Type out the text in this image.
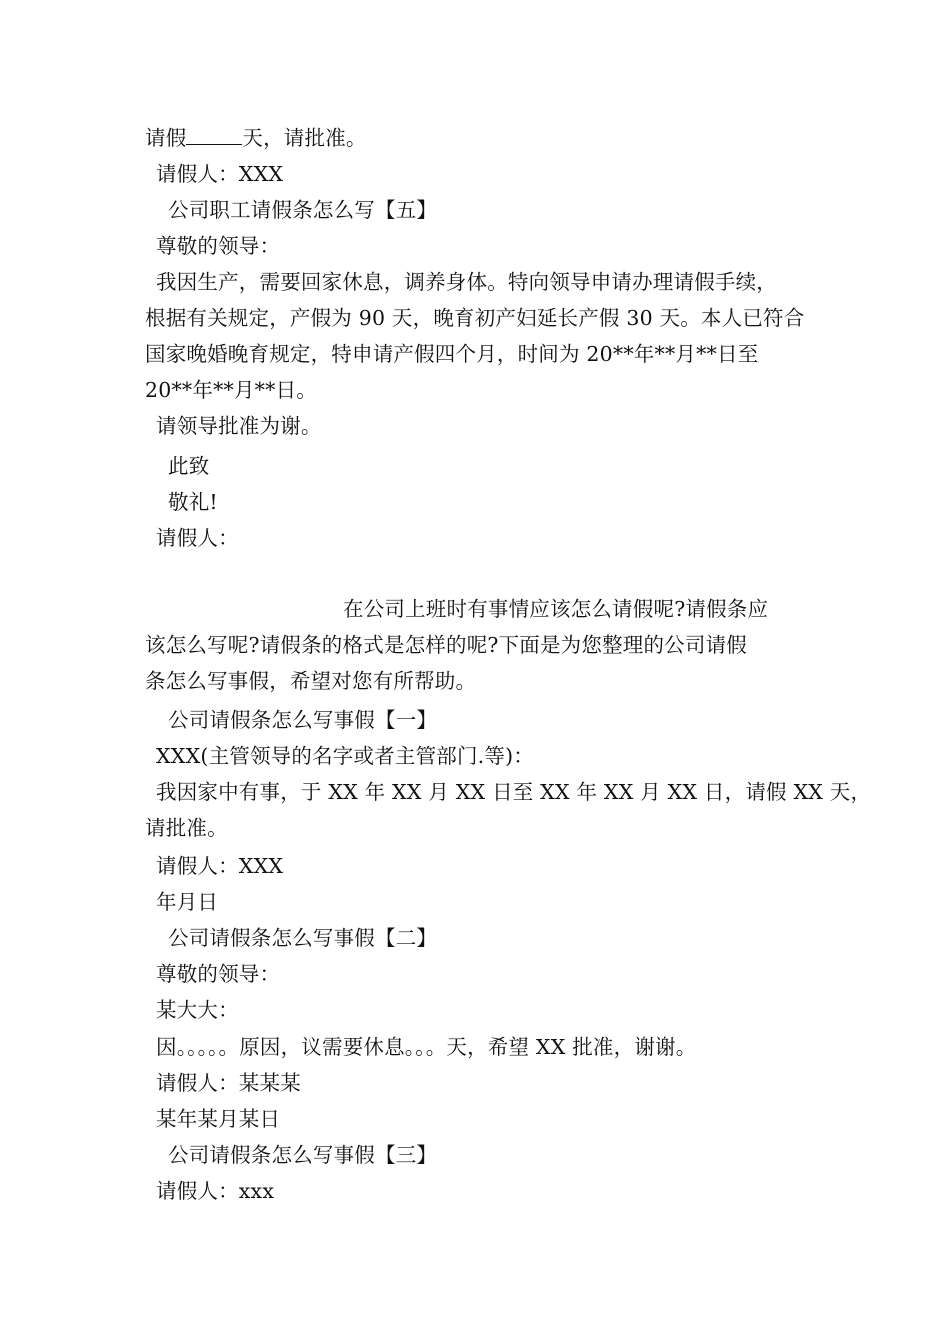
请假	天，请批准。
请假人：XXX
公司职工请假条怎么写【五】
尊敬的领导：
我因生产，需要回家休息，调养身体。特向领导申请办理请假手续，
根据有关规定，产假为 90 天，晚育初产妇延长产假 30 天。本人已符合
国家晚婚晚育规定，特申请产假四个月，时间为 20**年**月**日至
20**年**月**日。
请领导批准为谢。
此致
敬礼!
请假人：
在公司上班时有事情应该怎么请假呢?请假条应
该怎么写呢?请假条的格式是怎样的呢?下面是为您整理的公司请假
条怎么写事假，希望对您有所帮助。
公司请假条怎么写事假【一】
XXX(主管领导的名字或者主管部门.等)：
我因家中有事，于 XX 年 XX 月 XX 日至 XX 年 XX 月 XX 日，请假 XX 天，
请批准。
请假人：XXX
年月日
公司请假条怎么写事假【二】
尊敬的领导：
某大大：
因。。。。。原因，议需要休息。。。天，希望 XX 批准，谢谢。
请假人：某某某
某年某月某日
公司请假条怎么写事假【三】
请假人：xxx
